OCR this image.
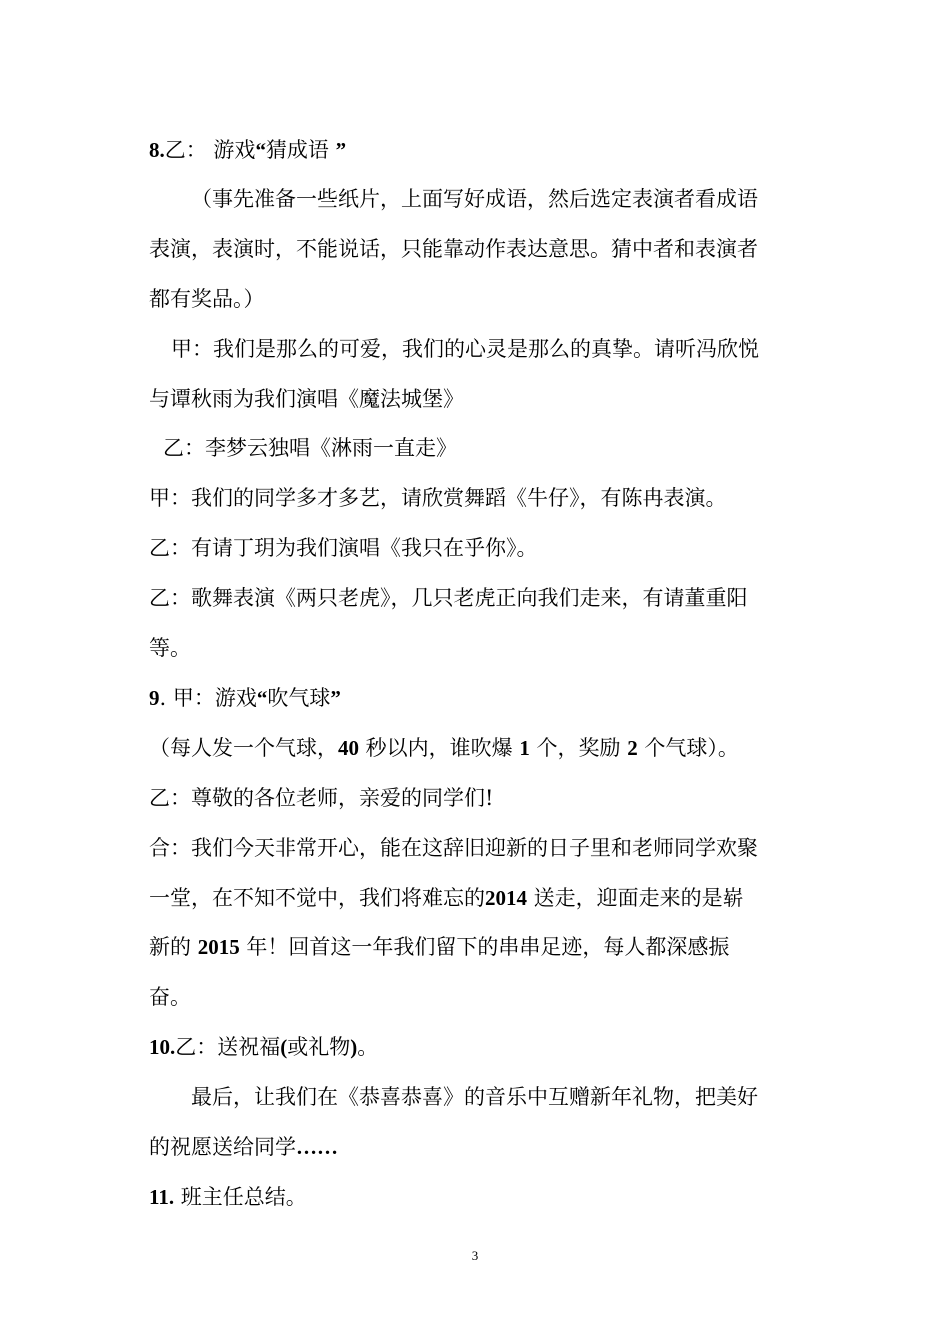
8.乙： 游戏“猜成语 ”
（事先准备一些纸片，上面写好成语，然后选定表演者看成语
表演，表演时，不能说话，只能靠动作表达意思。猜中者和表演者
都有奖品。）
甲：我们是那么的可爱，我们的心灵是那么的真挚。请听冯欣悦
与谭秋雨为我们演唱《魔法城堡》
乙：李梦云独唱《淋雨一直走》
甲：我们的同学多才多艺，请欣赏舞蹈《牛仔》，有陈冉表演。
乙：有请丁玥为我们演唱《我只在乎你》。
乙：歌舞表演《两只老虎》，几只老虎正向我们走来，有请董重阳
等。
9. 甲：游戏“吹气球”
（每人发一个气球，40 秒以内，谁吹爆 1 个，奖励 2 个气球）。
乙：尊敬的各位老师，亲爱的同学们!
合：我们今天非常开心，能在这辞旧迎新的日子里和老师同学欢聚
一堂，在不知不觉中，我们将难忘的2014 送走，迎面走来的是崭
新的 2015 年！回首这一年我们留下的串串足迹，每人都深感振
奋。
10.乙：送祝福(或礼物)。
最后，让我们在《恭喜恭喜》的音乐中互赠新年礼物，把美好
的祝愿送给同学……
11. 班主任总结。
3
